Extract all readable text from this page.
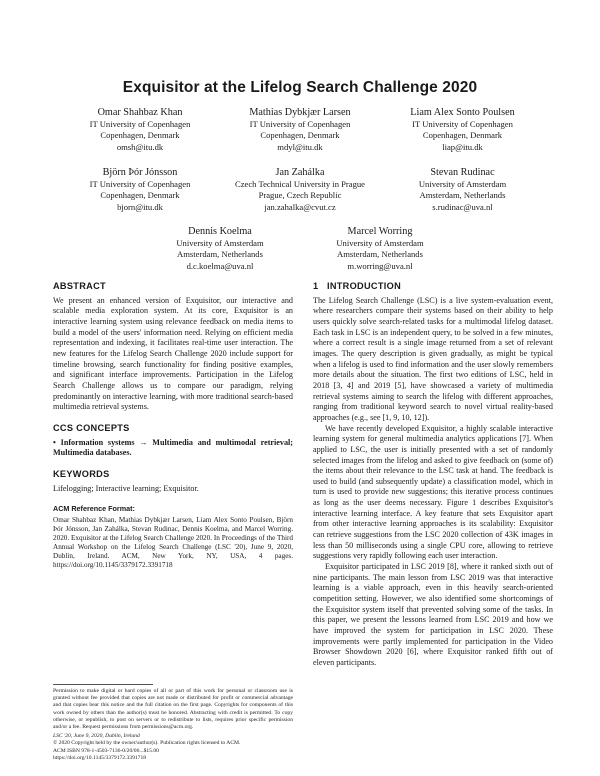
Exquisitor at the Lifelog Search Challenge 2020
Omar Shahbaz Khan
IT University of Copenhagen
Copenhagen, Denmark
omsh@itu.dk
Mathias Dybkjær Larsen
IT University of Copenhagen
Copenhagen, Denmark
mdyl@itu.dk
Liam Alex Sonto Poulsen
IT University of Copenhagen
Copenhagen, Denmark
liap@itu.dk
Björn Þór Jónsson
IT University of Copenhagen
Copenhagen, Denmark
bjorn@itu.dk
Jan Zahálka
Czech Technical University in Prague
Prague, Czech Republic
jan.zahalka@cvut.cz
Stevan Rudinac
University of Amsterdam
Amsterdam, Netherlands
s.rudinac@uva.nl
Dennis Koelma
University of Amsterdam
Amsterdam, Netherlands
d.c.koelma@uva.nl
Marcel Worring
University of Amsterdam
Amsterdam, Netherlands
m.worring@uva.nl
ABSTRACT

We present an enhanced version of Exquisitor, our interactive and scalable media exploration system. At its core, Exquisitor is an interactive learning system using relevance feedback on media items to build a model of the users' information need. Relying on efficient media representation and indexing, it facilitates real-time user interaction. The new features for the Lifelog Search Challenge 2020 include support for timeline browsing, search functionality for finding positive examples, and significant interface improvements. Participation in the Lifelog Search Challenge allows us to compare our paradigm, relying predominantly on interactive learning, with more traditional search-based multimedia retrieval systems.

CCS CONCEPTS

• Information systems → Multimedia and multimodal retrieval; Multimedia databases.

KEYWORDS

Lifelogging; Interactive learning; Exquisitor.

ACM Reference Format:

Omar Shahbaz Khan, Mathias Dybkjær Larsen, Liam Alex Sonto Poulsen, Björn Þór Jónsson, Jan Zahálka, Stevan Rudinac, Dennis Koelma, and Marcel Worring. 2020. Exquisitor at the Lifelog Search Challenge 2020. In Proceedings of the Third Annual Workshop on the Lifelog Search Challenge (LSC '20), June 9, 2020, Dublin, Ireland. ACM, New York, NY, USA, 4 pages. https://doi.org/10.1145/3379172.3391718

Permission to make digital or hard copies of all or part of this work for personal or classroom use is granted without fee provided that copies are not made or distributed for profit or commercial advantage and that copies bear this notice and the full citation on the first page. Copyrights for components of this work owned by others than the author(s) must be honored. Abstracting with credit is permitted. To copy otherwise, or republish, to post on servers or to redistribute to lists, requires prior specific permission and/or a fee. Request permissions from permissions@acm.org.

LSC '20, June 9, 2020, Dublin, Ireland

© 2020 Copyright held by the owner/author(s). Publication rights licensed to ACM.

ACM ISBN 978-1-4503-7136-0/20/06...$15.00

https://doi.org/10.1145/3379172.3391718

1   INTRODUCTION

The Lifelog Search Challenge (LSC) is a live system-evaluation event, where researchers compare their systems based on their ability to help users quickly solve search-related tasks for a multimodal lifelog dataset. Each task in LSC is an independent query, to be solved in a few minutes, where a correct result is a single image returned from a set of relevant images. The query description is given gradually, as might be typical when a lifelog is used to find information and the user slowly remembers more details about the situation. The first two editions of LSC, held in 2018 [3, 4] and 2019 [5], have showcased a variety of multimedia retrieval systems aiming to search the lifelog with different approaches, ranging from traditional keyword search to novel virtual reality-based approaches (e.g., see [1, 9, 10, 12]).

We have recently developed Exquisitor, a highly scalable interactive learning system for general multimedia analytics applications [7]. When applied to LSC, the user is initially presented with a set of randomly selected images from the lifelog and asked to give feedback on (some of) the items about their relevance to the LSC task at hand. The feedback is used to build (and subsequently update) a classification model, which in turn is used to provide new suggestions; this iterative process continues as long as the user deems necessary. Figure 1 describes Exquisitor's interactive learning interface. A key feature that sets Exquisitor apart from other interactive learning approaches is its scalability: Exquisitor can retrieve suggestions from the LSC 2020 collection of 43K images in less than 50 milliseconds using a single CPU core, allowing to retrieve suggestions very rapidly following each user interaction.

Exquisitor participated in LSC 2019 [8], where it ranked sixth out of nine participants. The main lesson from LSC 2019 was that interactive learning is a viable approach, even in this heavily search-oriented competition setting. However, we also identified some shortcomings of the Exquisitor system itself that prevented solving some of the tasks. In this paper, we present the lessons learned from LSC 2019 and how we have improved the system for participation in LSC 2020. These improvements were partly implemented for participation in the Video Browser Showdown 2020 [6], where Exquisitor ranked fifth out of eleven participants.
